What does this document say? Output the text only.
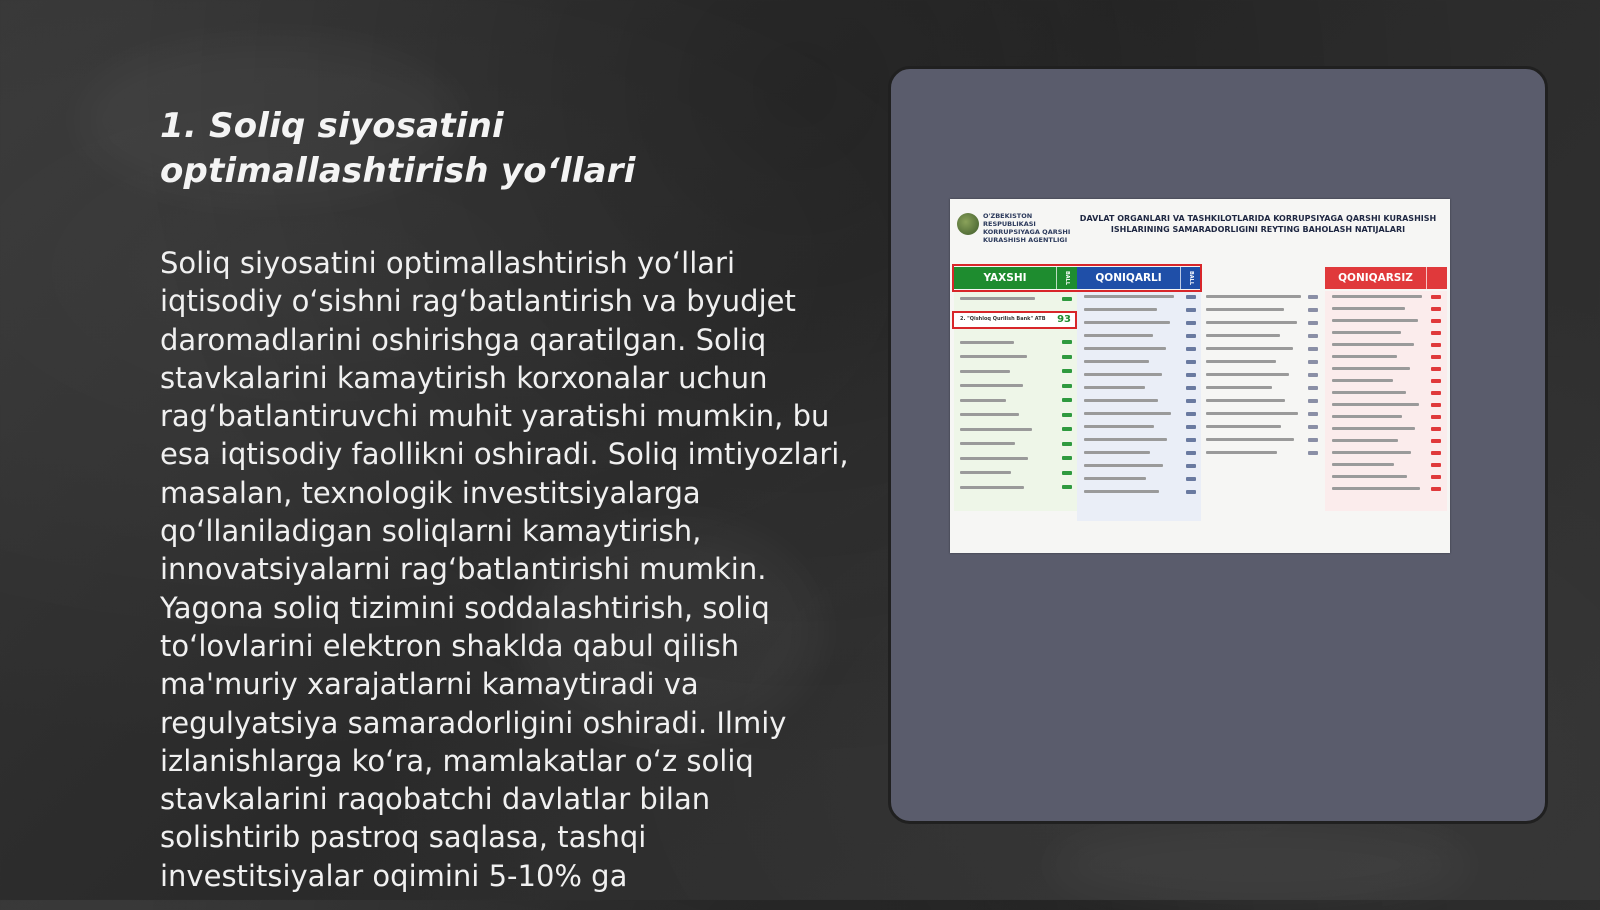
1. Soliq siyosatini optimallashtirish yo‘llari

Soliq siyosatini optimallashtirish yo‘llari iqtisodiy o‘sishni rag‘batlantirish va byudjet daromadlarini oshirishga qaratilgan. Soliq stavkalarini kamaytirish korxonalar uchun rag‘batlantiruvchi muhit yaratishi mumkin, bu esa iqtisodiy faollikni oshiradi. Soliq imtiyozlari, masalan, texnologik investitsiyalarga qo‘llaniladigan soliqlarni kamaytirish, innovatsiyalarni rag‘batlantirishi mumkin. Yagona soliq tizimini soddalashtirish, soliq to‘lovlarini elektron shaklda qabul qilish ma'muriy xarajatlarni kamaytiradi va regulyatsiya samaradorligini oshiradi. Ilmiy izlanishlarga ko‘ra, mamlakatlar o‘z soliq stavkalarini raqobatchi davlatlar bilan solishtirib pastroq saqlasa, tashqi investitsiyalar oqimini 5-10% ga

O'ZBEKISTON RESPUBLIKASI KORRUPSIYAGA QARSHI KURASHISH AGENTLIGI
DAVLAT ORGANLARI VA TASHKILOTLARIDA KORRUPSIYAGA QARSHI KURASHISH ISHLARINING SAMARADORLIGINI REYTING BAHOLASH NATIJALARI
YAXSHI	BALL	QONIQARLI	BALL	QONIQARSIZ
2. "Qishloq Qurilish Bank" ATB 93
